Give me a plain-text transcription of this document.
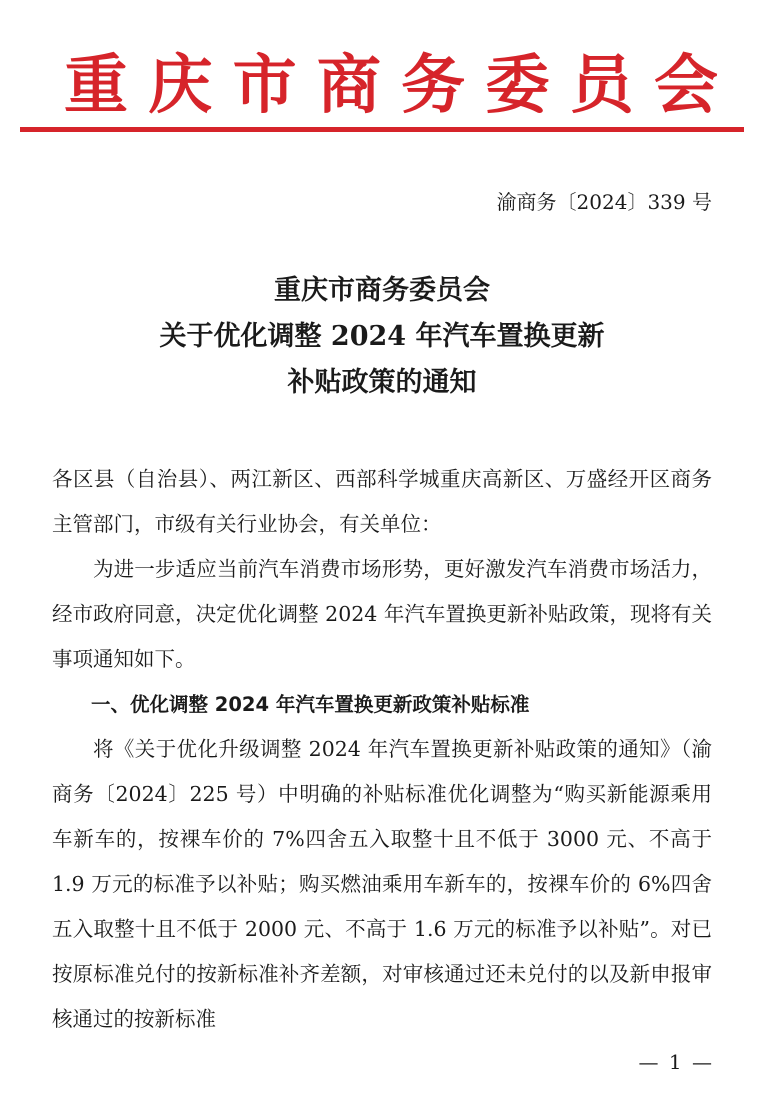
重 庆 市 商 务 委 员 会
渝商务〔2024〕339 号
重庆市商务委员会
关于优化调整 2024 年汽车置换更新
补贴政策的通知

各区县（自治县）、两江新区、西部科学城重庆高新区、万盛经开区商务主管部门，市级有关行业协会，有关单位：

为进一步适应当前汽车消费市场形势，更好激发汽车消费市场活力，经市政府同意，决定优化调整 2024 年汽车置换更新补贴政策，现将有关事项通知如下。

一、优化调整 2024 年汽车置换更新政策补贴标准

将《关于优化升级调整 2024 年汽车置换更新补贴政策的通知》（渝商务〔2024〕225 号）中明确的补贴标准优化调整为“购买新能源乘用车新车的，按裸车价的 7%四舍五入取整十且不低于 3000 元、不高于 1.9 万元的标准予以补贴；购买燃油乘用车新车的，按裸车价的 6%四舍五入取整十且不低于 2000 元、不高于 1.6 万元的标准予以补贴”。对已按原标准兑付的按新标准补齐差额，对审核通过还未兑付的以及新申报审核通过的按新标准

— 1 —
